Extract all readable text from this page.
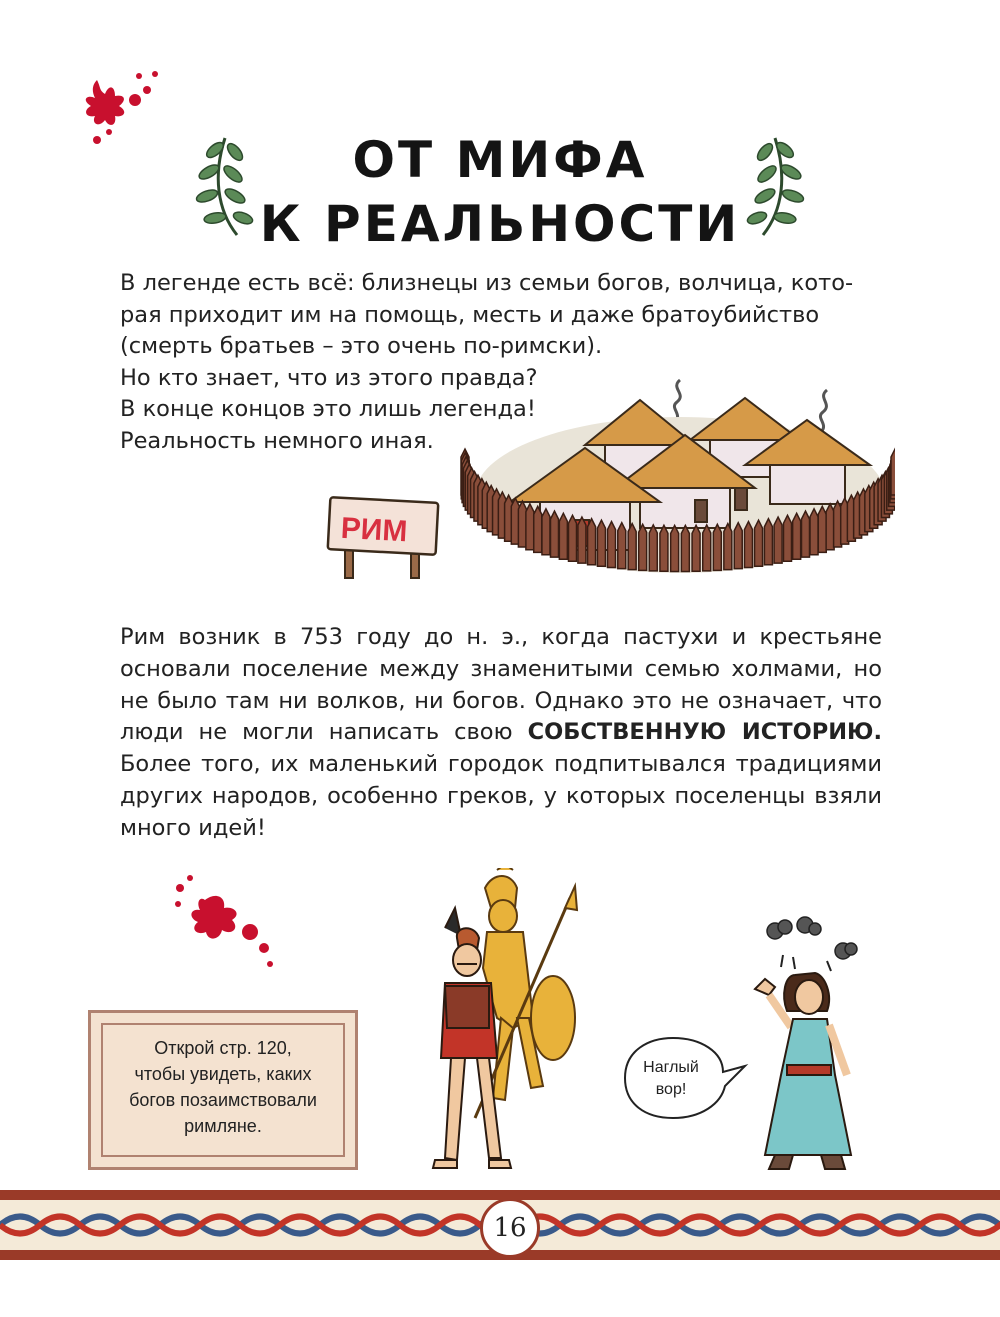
ОТ МИФА
К РЕАЛЬНОСТИ
В легенде есть всё: близнецы из семьи богов, волчица, кото-
рая приходит им на помощь, месть и даже братоубийство
(смерть братьев – это очень по-римски).
Но кто знает, что из этого правда?
В конце концов это лишь легенда!
Реальность немного иная.
РИМ
Рим возник в 753 году до н. э., когда пастухи и крестьяне основали поселение между знаменитыми семью холмами, но не было там ни волков, ни богов. Однако это не означает, что люди не могли написать свою СОБСТВЕННУЮ ИСТОРИЮ. Более того, их маленький городок подпитывался традициями других народов, особенно греков, у которых поселенцы взяли много идей!
Открой стр. 120,
чтобы увидеть, каких
богов позаимствовали
римляне.
Наглый
вор!
16
